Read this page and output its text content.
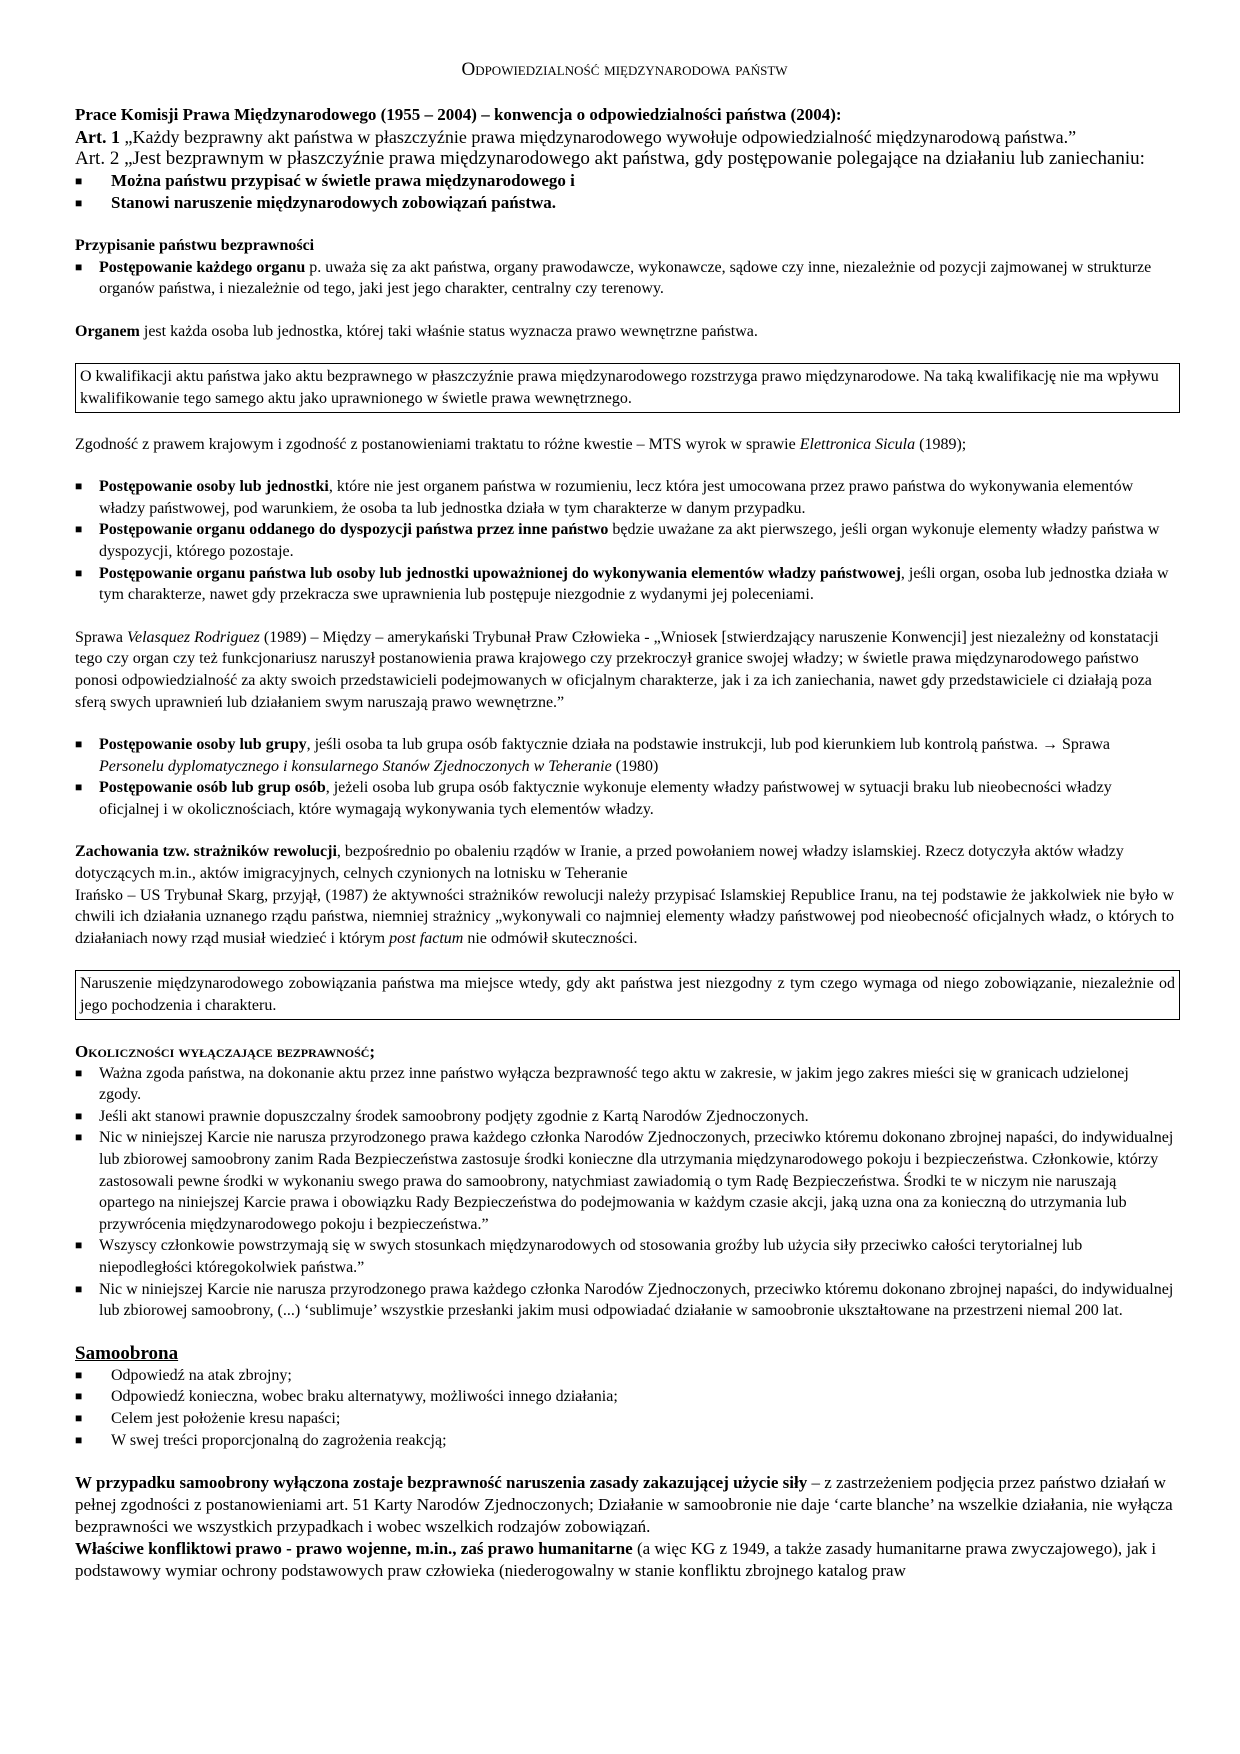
Odpowiedzialność międzynarodowa państw

Prace Komisji Prawa Międzynarodowego (1955 – 2004) – konwencja o odpowiedzialności państwa (2004):

Art. 1 „Każdy bezprawny akt państwa w płaszczyźnie prawa międzynarodowego wywołuje odpowiedzialność międzynarodową państwa.”

Art. 2 „Jest bezprawnym w płaszczyźnie prawa międzynarodowego akt państwa, gdy postępowanie polegające na działaniu lub zaniechaniu:

■	Można państwu przypisać w świetle prawa międzynarodowego i
■	Stanowi naruszenie międzynarodowych zobowiązań państwa.

Przypisanie państwu bezprawności

■	Postępowanie każdego organu p. uważa się za akt państwa, organy prawodawcze, wykonawcze, sądowe czy inne, niezależnie od pozycji zajmowanej w strukturze organów państwa, i niezależnie od tego, jaki jest jego charakter, centralny czy terenowy.

Organem jest każda osoba lub jednostka, której taki właśnie status wyznacza prawo wewnętrzne państwa.

O kwalifikacji aktu państwa jako aktu bezprawnego w płaszczyźnie prawa międzynarodowego rozstrzyga prawo międzynarodowe. Na taką kwalifikację nie ma wpływu kwalifikowanie tego samego aktu jako uprawnionego w świetle prawa wewnętrznego.

Zgodność z prawem krajowym i zgodność z postanowieniami traktatu to różne kwestie – MTS wyrok w sprawie Elettronica Sicula (1989);

■	Postępowanie osoby lub jednostki, które nie jest organem państwa w rozumieniu, lecz która jest umocowana przez prawo państwa do wykonywania elementów władzy państwowej, pod warunkiem, że osoba ta lub jednostka działa w tym charakterze w danym przypadku.
■	Postępowanie organu oddanego do dyspozycji państwa przez inne państwo będzie uważane za akt pierwszego, jeśli organ wykonuje elementy władzy państwa w dyspozycji, którego pozostaje.
■	Postępowanie organu państwa lub osoby lub jednostki upoważnionej do wykonywania elementów władzy państwowej, jeśli organ, osoba lub jednostka działa w tym charakterze, nawet gdy przekracza swe uprawnienia lub postępuje niezgodnie z wydanymi jej poleceniami.

Sprawa Velasquez Rodriguez (1989) – Między – amerykański Trybunał Praw Człowieka - „Wniosek [stwierdzający naruszenie Konwencji] jest niezależny od konstatacji tego czy organ czy też funkcjonariusz naruszył postanowienia prawa krajowego czy przekroczył granice swojej władzy; w świetle prawa międzynarodowego państwo ponosi odpowiedzialność za akty swoich przedstawicieli podejmowanych w oficjalnym charakterze, jak i za ich zaniechania, nawet gdy przedstawiciele ci działają poza sferą swych uprawnień lub działaniem swym naruszają prawo wewnętrzne.”

■	Postępowanie osoby lub grupy, jeśli osoba ta lub grupa osób faktycznie działa na podstawie instrukcji, lub pod kierunkiem lub kontrolą państwa. → Sprawa Personelu dyplomatycznego i konsularnego Stanów Zjednoczonych w Teheranie (1980)
■	Postępowanie osób lub grup osób, jeżeli osoba lub grupa osób faktycznie wykonuje elementy władzy państwowej w sytuacji braku lub nieobecności władzy oficjalnej i w okolicznościach, które wymagają wykonywania tych elementów władzy.

Zachowania tzw. strażników rewolucji, bezpośrednio po obaleniu rządów w Iranie, a przed powołaniem nowej władzy islamskiej. Rzecz dotyczyła aktów władzy dotyczących m.in., aktów imigracyjnych, celnych czynionych na lotnisku w Teheranie

Irańsko – US Trybunał Skarg, przyjął, (1987) że aktywności strażników rewolucji należy przypisać Islamskiej Republice Iranu, na tej podstawie że jakkolwiek nie było w chwili ich działania uznanego rządu państwa, niemniej strażnicy „wykonywali co najmniej elementy władzy państwowej pod nieobecność oficjalnych władz, o których to działaniach nowy rząd musiał wiedzieć i którym post factum nie odmówił skuteczności.

Naruszenie międzynarodowego zobowiązania państwa ma miejsce wtedy, gdy akt państwa jest niezgodny z tym czego wymaga od niego zobowiązanie, niezależnie od jego pochodzenia i charakteru.

Okoliczności wyłączające bezprawność;

■	Ważna zgoda państwa, na dokonanie aktu przez inne państwo wyłącza bezprawność tego aktu w zakresie, w jakim jego zakres mieści się w granicach udzielonej zgody.
■	Jeśli akt stanowi prawnie dopuszczalny środek samoobrony podjęty zgodnie z Kartą Narodów Zjednoczonych.
■	Nic w niniejszej Karcie nie narusza przyrodzonego prawa każdego członka Narodów Zjednoczonych, przeciwko któremu dokonano zbrojnej napaści, do indywidualnej lub zbiorowej samoobrony zanim Rada Bezpieczeństwa zastosuje środki konieczne dla utrzymania międzynarodowego pokoju i bezpieczeństwa. Członkowie, którzy zastosowali pewne środki w wykonaniu swego prawa do samoobrony, natychmiast zawiadomią o tym Radę Bezpieczeństwa. Środki te w niczym nie naruszają opartego na niniejszej Karcie prawa i obowiązku Rady Bezpieczeństwa do podejmowania w każdym czasie akcji, jaką uzna ona za konieczną do utrzymania lub przywrócenia międzynarodowego pokoju i bezpieczeństwa.”
■	Wszyscy członkowie powstrzymają się w swych stosunkach międzynarodowych od stosowania groźby lub użycia siły przeciwko całości terytorialnej lub niepodległości któregokolwiek państwa.”
■	Nic w niniejszej Karcie nie narusza przyrodzonego prawa każdego członka Narodów Zjednoczonych, przeciwko któremu dokonano zbrojnej napaści, do indywidualnej lub zbiorowej samoobrony, (...) ‘sublimuje’ wszystkie przesłanki jakim musi odpowiadać działanie w samoobronie ukształtowane na przestrzeni niemal 200 lat.

Samoobrona

■	Odpowiedź na atak zbrojny;
■	Odpowiedź konieczna, wobec braku alternatywy, możliwości innego działania;
■	Celem jest położenie kresu napaści;
■	W swej treści proporcjonalną do zagrożenia reakcją;

W przypadku samoobrony wyłączona zostaje bezprawność naruszenia zasady zakazującej użycie siły – z zastrzeżeniem podjęcia przez państwo działań w pełnej zgodności z postanowieniami art. 51 Karty Narodów Zjednoczonych; Działanie w samoobronie nie daje ‘carte blanche’ na wszelkie działania, nie wyłącza bezprawności we wszystkich przypadkach i wobec wszelkich rodzajów zobowiązań.

Właściwe konfliktowi prawo - prawo wojenne, m.in., zaś prawo humanitarne (a więc KG z 1949, a także zasady humanitarne prawa zwyczajowego), jak i podstawowy wymiar ochrony podstawowych praw człowieka (niederogowalny w stanie konfliktu zbrojnego katalog praw
